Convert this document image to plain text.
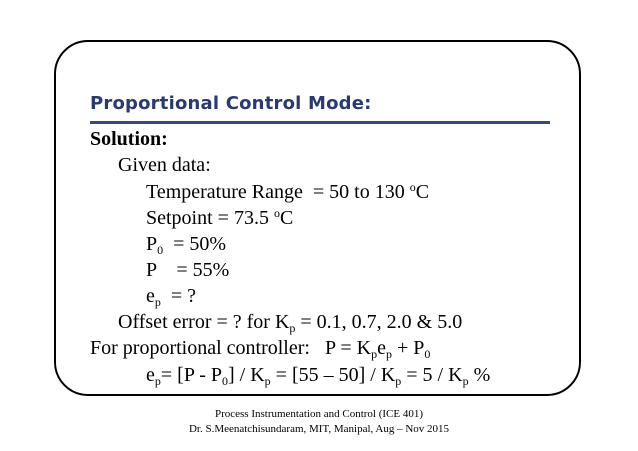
Proportional Control Mode:
Solution:
Given data:
Temperature Range  = 50 to 130 $^o$C
Setpoint = 73.5 $^o$C
$P_0 = 50\%$
P    = 55%
$e_p$  = ?
Offset error = ? for $K_p = 0.1$, 0.7, 2.0 & 5.0
For proportional controller:   $P = K_pe_p + P_0$
$e_p= [P - P_0] / K_p = [55 - 50] / K_p = 5 / K_p$ %
Process Instrumentation and Control (ICE 401)
Dr. S.Meenatchisundaram, MIT, Manipal, Aug – Nov 2015
